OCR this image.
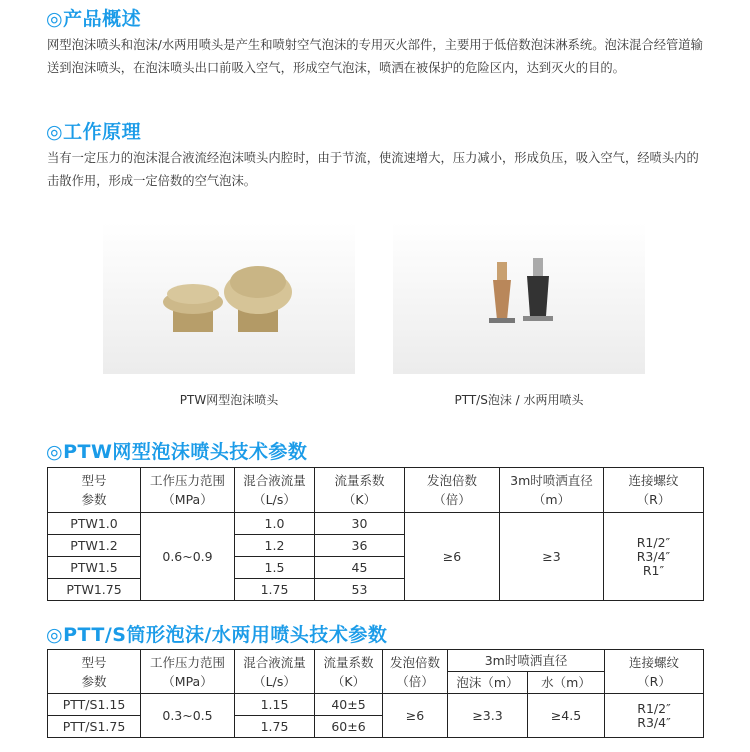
◎产品概述
网型泡沫喷头和泡沫/水两用喷头是产生和喷射空气泡沫的专用灭火部件，主要用于低倍数泡沫淋系统。泡沫混合经管道输送到泡沫喷头，在泡沫喷头出口前吸入空气，形成空气泡沫，喷洒在被保护的危险区内，达到灭火的目的。
◎工作原理
当有一定压力的泡沫混合液流经泡沫喷头内腔时，由于节流，使流速增大，压力减小，形成负压，吸入空气，经喷头内的击散作用，形成一定倍数的空气泡沫。
PTW网型泡沫喷头	PTT/S泡沫 / 水两用喷头
◎PTW网型泡沫喷头技术参数
型号
参数	工作压力范围
（MPa）	混合液流量
（L/s）	流量系数
（K）	发泡倍数
（倍）	3m时喷洒直径
（m）	连接螺纹
（R）
PTW1.0	0.6~0.9	1.0	30	≥6	≥3	R1/2″
R3/4″
R1″
PTW1.2		1.2	36			
PTW1.5		1.5	45			
PTW1.75		1.75	53			
◎PTT/S筒形泡沫/水两用喷头技术参数
型号
参数	工作压力范围
（MPa）	混合液流量
（L/s）	流量系数
（K）	发泡倍数
（倍）	3m时喷洒直径		连接螺纹
（R）
					泡沫（m）	水（m）	
PTT/S1.15	0.3~0.5	1.15	40±5	≥6	≥3.3	≥4.5	R1/2″
R3/4″
PTT/S1.75		1.75	60±6				
